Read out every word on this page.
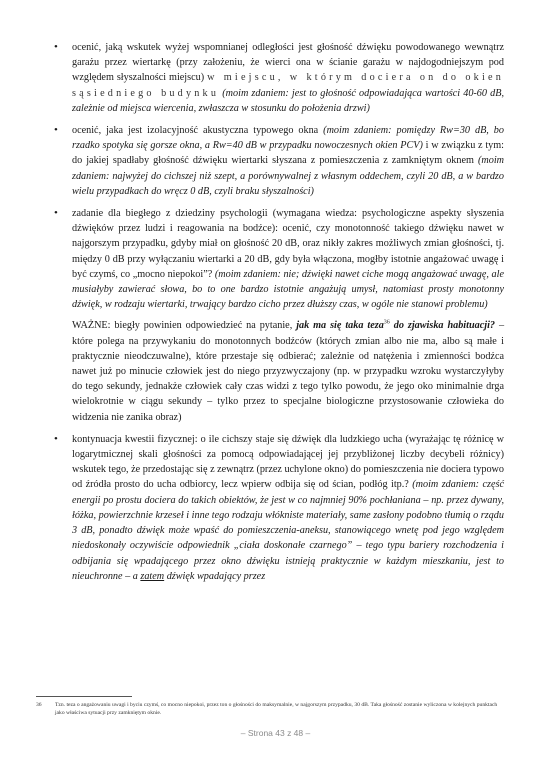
• ocenić, jaką wskutek wyżej wspomnianej odległości jest głośność dźwięku powodowanego wewnątrz garażu przez wiertarkę (przy założeniu, że wierci ona w ścianie garażu w najdogodniejszym pod względem słyszalności miejscu) w miejscu, w którym dociera on do okien sąsiedniego budynku (moim zdaniem: jest to głośność odpowiadająca wartości 40-60 dB, zależnie od miejsca wiercenia, zwłaszcza w stosunku do położenia drzwi)
• ocenić, jaka jest izolacyjność akustyczna typowego okna (moim zdaniem: pomiędzy Rw=30 dB, bo rzadko spotyka się gorsze okna, a Rw=40 dB w przypadku nowoczesnych okien PCV) i w związku z tym: do jakiej spadłaby głośność dźwięku wiertarki słyszana z pomieszczenia z zamkniętym oknem (moim zdaniem: najwyżej do cichszej niż szept, a porównywalnej z własnym oddechem, czyli 20 dB, a w bardzo wielu przypadkach do wręcz 0 dB, czyli braku słyszalności)
• zadanie dla biegłego z dziedziny psychologii (wymagana wiedza: psychologiczne aspekty słyszenia dźwięków przez ludzi i reagowania na bodźce): ocenić, czy monotonność takiego dźwięku nawet w najgorszym przypadku, gdyby miał on głośność 20 dB, oraz nikły zakres możliwych zmian głośności, tj. między 0 dB przy wyłączaniu wiertarki a 20 dB, gdy była włączona, mogłby istotnie angażować uwagę i być czymś, co „mocno niepokoi”? (moim zdaniem: nie; dźwięki nawet ciche mogą angażować uwagę, ale musiałyby zawierać słowa, bo to one bardzo istotnie angażują umysł, natomiast prosty monotonny dźwięk, w rodzaju wiertarki, trwający bardzo cicho przez dłuższy czas, w ogóle nie stanowi problemu)

WAŻNE: biegły powinien odpowiedzieć na pytanie, jak ma się taka teza$^{36}$ do zjawiska habituacji? – które polega na przywykaniu do monotonnych bodźców (których zmian albo nie ma, albo są małe i praktycznie nieodczuwalne), które przestaje się odbierać; zależnie od natężenia i zmienności bodźca nawet już po minucie człowiek jest do niego przyzwyczajony (np. w przypadku wzroku wystarczyłyby do tego sekundy, jednakże człowiek cały czas widzi z tego tylko powodu, że jego oko minimalnie drga wielokrotnie w ciągu sekundy – tylko przez to specjalne biologiczne przystosowanie człowieka do widzenia nie zanika obraz)

• kontynuacja kwestii fizycznej: o ile cichszy staje się dźwięk dla ludzkiego ucha (wyrażając tę różnicę w logarytmicznej skali głośności za pomocą odpowiadającej jej przybliżonej liczby decybeli różnicy) wskutek tego, że przedostając się z zewnątrz (przez uchylone okno) do pomieszczenia nie dociera typowo od źródła prosto do ucha odbiorcy, lecz wpierw odbija się od ścian, podłóg itp.? (moim zdaniem: część energii po prostu dociera do takich obiektów, że jest w co najmniej 90% pochłaniana – np. przez dywany, łóżka, powierzchnie krzeseł i inne tego rodzaju włókniste materiały, same zasłony podobno tłumią o rządu 3 dB, ponadto dźwięk może wpaść do pomieszczenia-aneksu, stanowiącego wnetę pod jego względem niedoskonały oczywiście odpowiednik „ciała doskonałe czarnego” – tego typu bariery rozchodzenia i odbijania się wpadającego przez okno dźwięku istnieją praktycznie w każdym mieszkaniu, jest to nieuchronne – a zatem dźwięk wpadający przez
36 Tzn. teza o angażowaniu uwagi i byciu czymś, co mocno niepokoi, przez ton o głośności do maksymalnie, w najgorszym przypadku, 30 dB. Taka głośność zostanie wyliczona w kolejnych punktach jako właściwa sytuacji przy zamkniętym oknie.
– Strona 43 z 48 –
